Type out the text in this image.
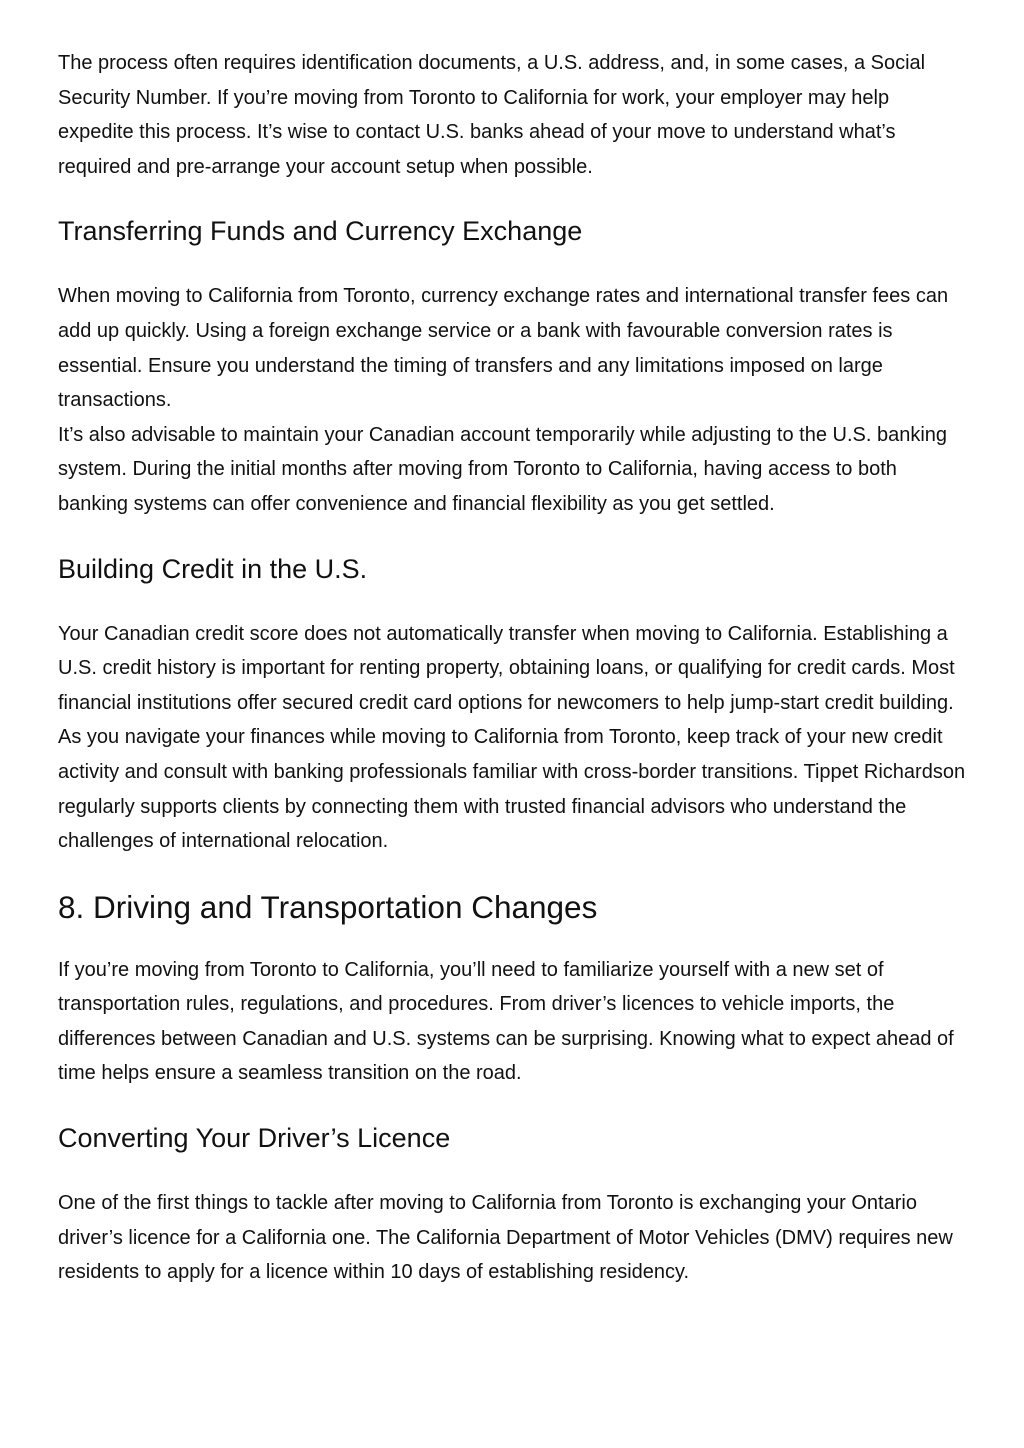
The process often requires identification documents, a U.S. address, and, in some cases, a Social Security Number. If you’re moving from Toronto to California for work, your employer may help expedite this process. It’s wise to contact U.S. banks ahead of your move to understand what’s required and pre-arrange your account setup when possible.

Transferring Funds and Currency Exchange

When moving to California from Toronto, currency exchange rates and international transfer fees can add up quickly. Using a foreign exchange service or a bank with favourable conversion rates is essential. Ensure you understand the timing of transfers and any limitations imposed on large transactions.

It’s also advisable to maintain your Canadian account temporarily while adjusting to the U.S. banking system. During the initial months after moving from Toronto to California, having access to both banking systems can offer convenience and financial flexibility as you get settled.

Building Credit in the U.S.

Your Canadian credit score does not automatically transfer when moving to California. Establishing a U.S. credit history is important for renting property, obtaining loans, or qualifying for credit cards. Most financial institutions offer secured credit card options for newcomers to help jump-start credit building.

As you navigate your finances while moving to California from Toronto, keep track of your new credit activity and consult with banking professionals familiar with cross-border transitions. Tippet Richardson regularly supports clients by connecting them with trusted financial advisors who understand the challenges of international relocation.

8. Driving and Transportation Changes

If you’re moving from Toronto to California, you’ll need to familiarize yourself with a new set of transportation rules, regulations, and procedures. From driver’s licences to vehicle imports, the differences between Canadian and U.S. systems can be surprising. Knowing what to expect ahead of time helps ensure a seamless transition on the road.

Converting Your Driver’s Licence

One of the first things to tackle after moving to California from Toronto is exchanging your Ontario driver’s licence for a California one. The California Department of Motor Vehicles (DMV) requires new residents to apply for a licence within 10 days of establishing residency.
